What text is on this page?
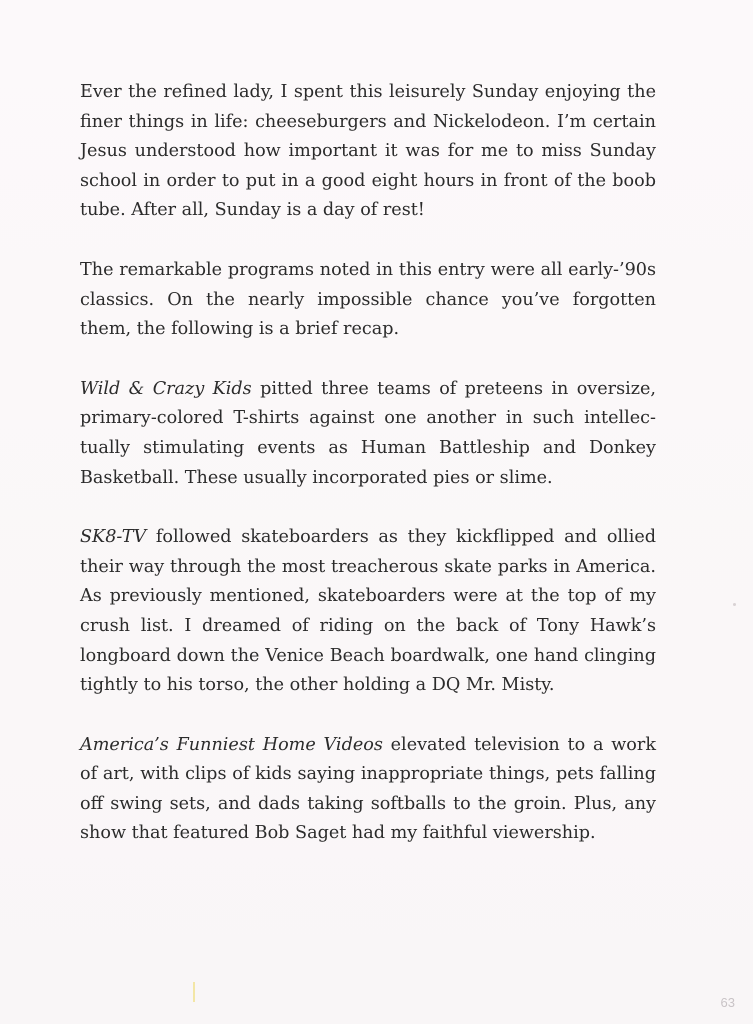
Ever the refined lady, I spent this leisurely Sunday enjoying the finer things in life: cheeseburgers and Nickelodeon. I’m certain Jesus understood how important it was for me to miss Sunday school in order to put in a good eight hours in front of the boob tube. After all, Sunday is a day of rest!

The remarkable programs noted in this entry were all early-’90s classics. On the nearly impossible chance you’ve forgotten them, the following is a brief recap.

Wild & Crazy Kids pitted three teams of preteens in oversize, primary-colored T-shirts against one another in such intellectually stimulating events as Human Battleship and Donkey Basketball. These usually incorporated pies or slime.

SK8-TV followed skateboarders as they kickflipped and ollied their way through the most treacherous skate parks in America. As previously mentioned, skateboarders were at the top of my crush list. I dreamed of riding on the back of Tony Hawk’s longboard down the Venice Beach boardwalk, one hand clinging tightly to his torso, the other holding a DQ Mr. Misty.

America’s Funniest Home Videos elevated television to a work of art, with clips of kids saying inappropriate things, pets falling off swing sets, and dads taking softballs to the groin. Plus, any show that featured Bob Saget had my faithful viewership.

63
